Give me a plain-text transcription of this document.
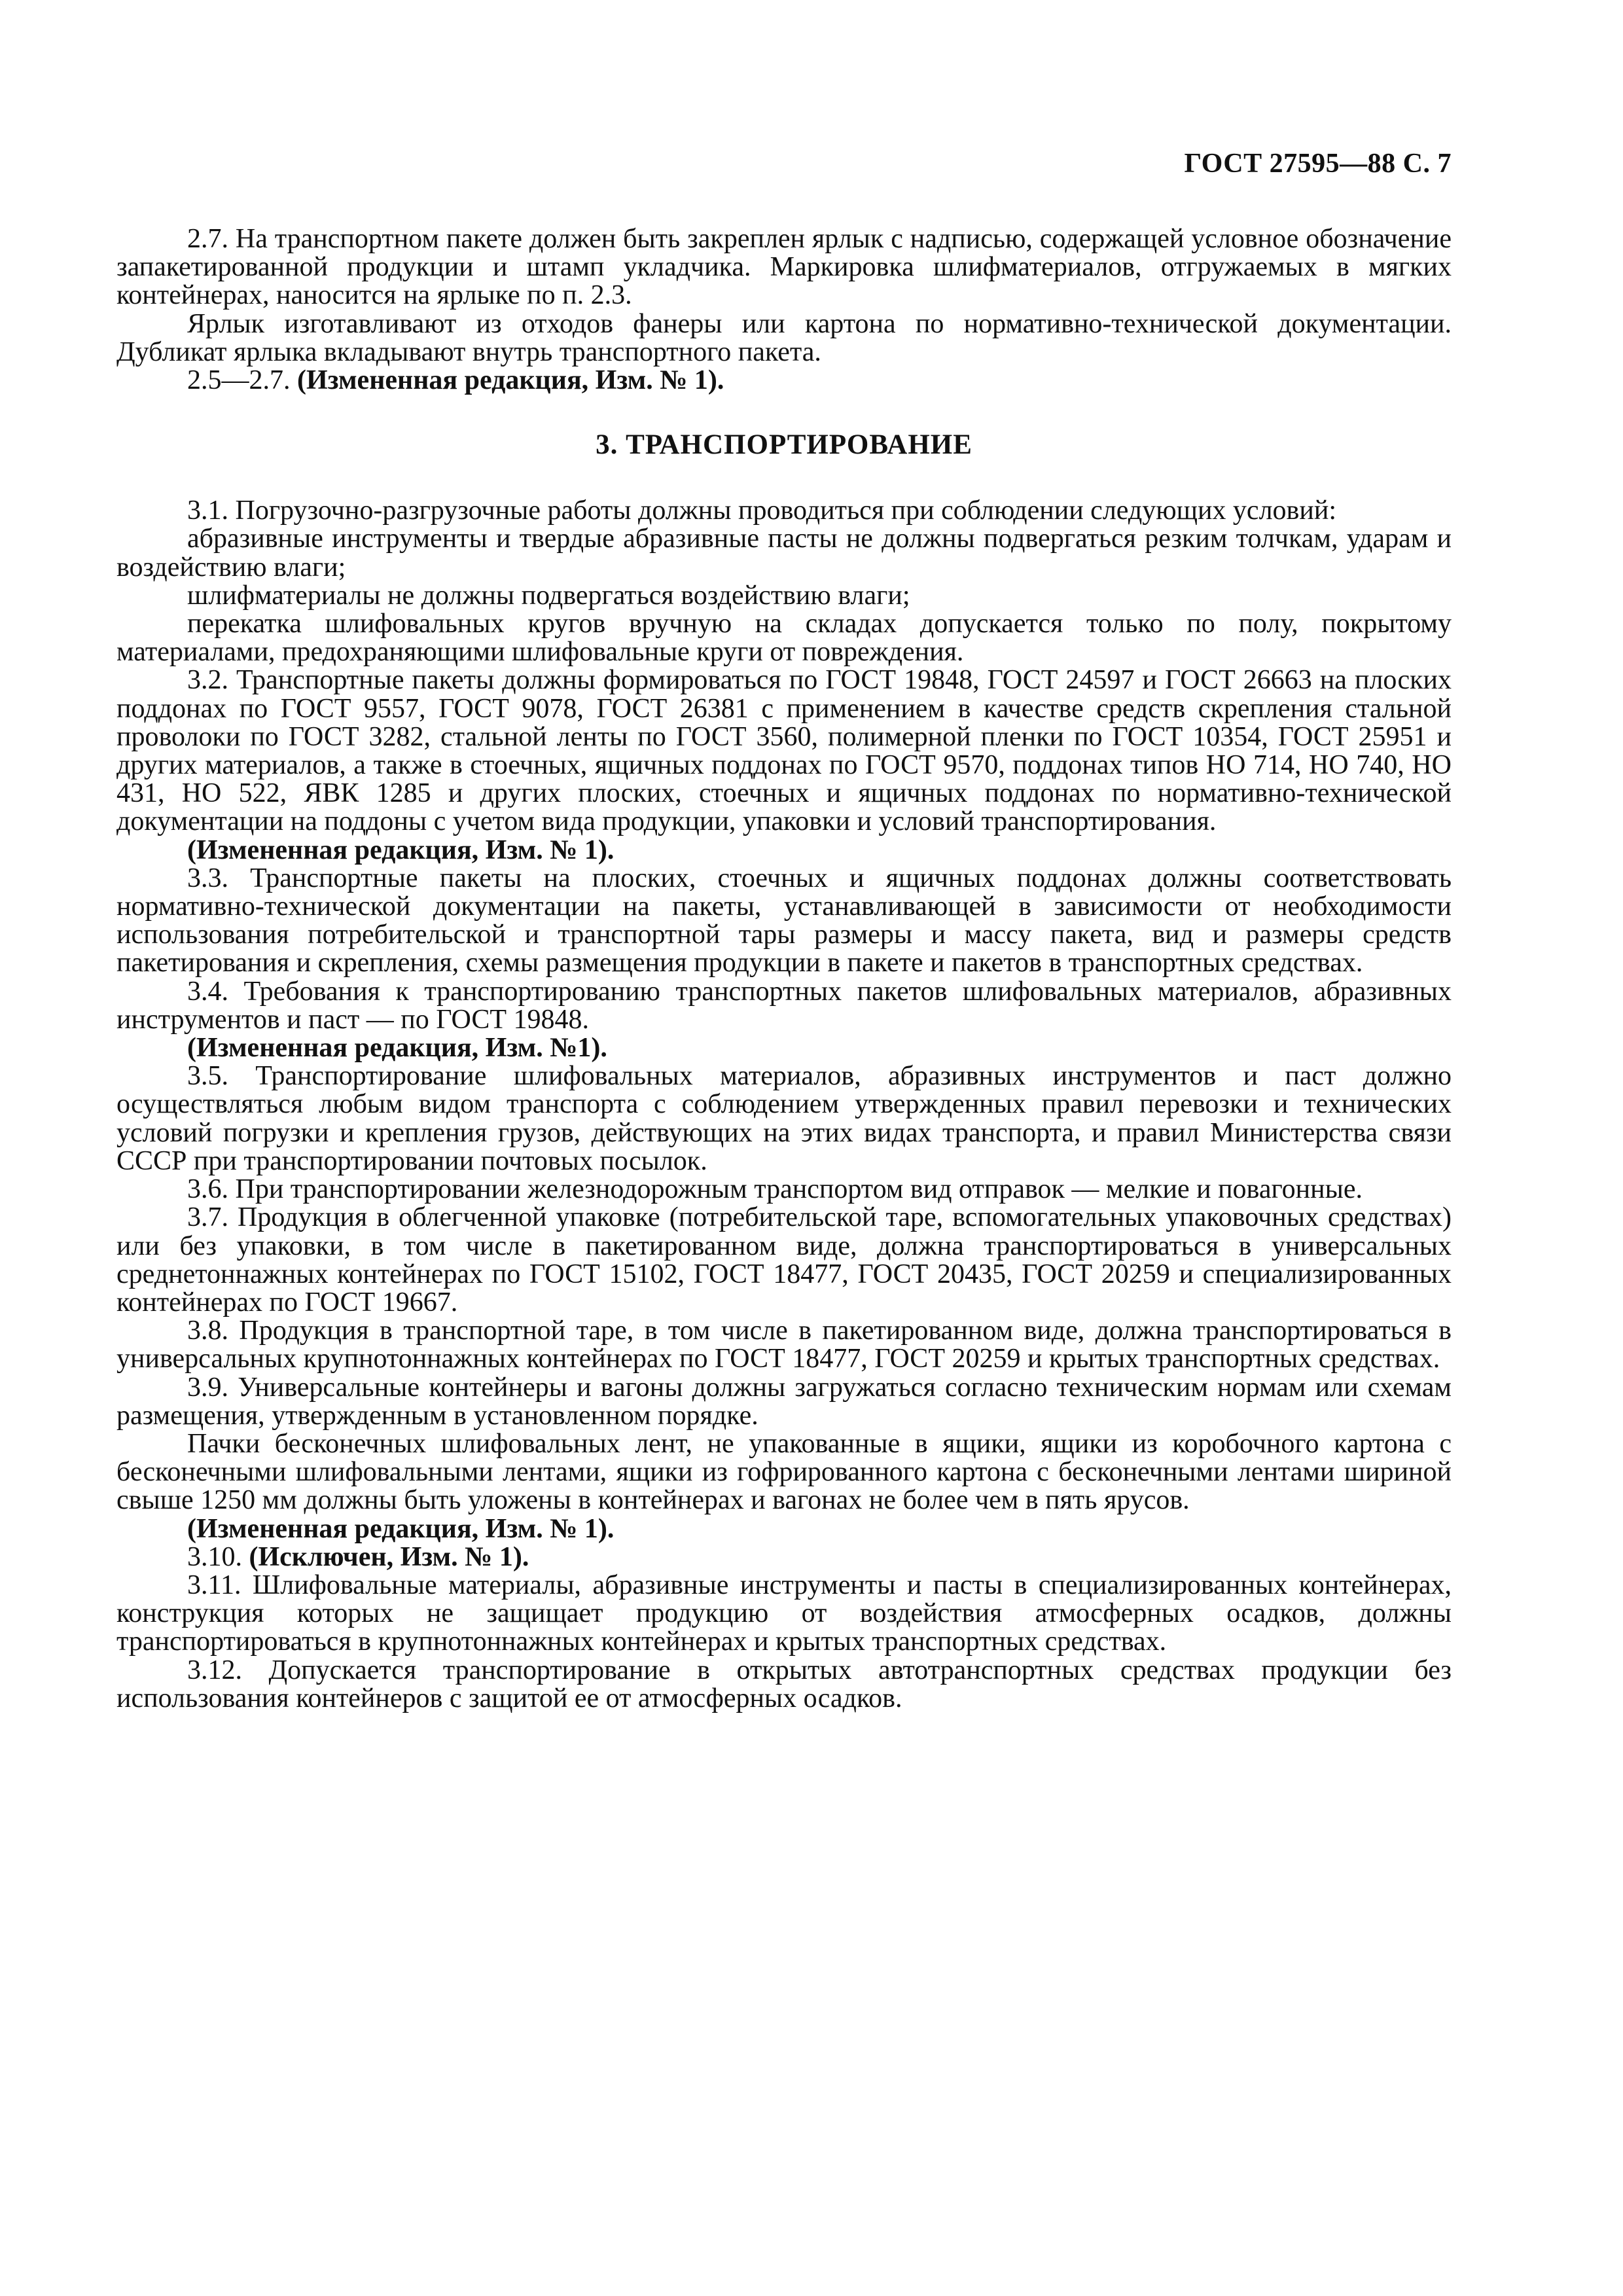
ГОСТ 27595—88 С. 7

2.7. На транспортном пакете должен быть закреплен ярлык с надписью, содержащей условное обозначение запакетированной продукции и штамп укладчика. Маркировка шлифматериалов, отгружаемых в мягких контейнерах, наносится на ярлыке по п. 2.3.

Ярлык изготавливают из отходов фанеры или картона по нормативно-технической документации. Дубликат ярлыка вкладывают внутрь транспортного пакета.

2.5—2.7. (Измененная редакция, Изм. № 1).

3. ТРАНСПОРТИРОВАНИЕ

3.1. Погрузочно-разгрузочные работы должны проводиться при соблюдении следующих условий:

абразивные инструменты и твердые абразивные пасты не должны подвергаться резким толчкам, ударам и воздействию влаги;

шлифматериалы не должны подвергаться воздействию влаги;

перекатка шлифовальных кругов вручную на складах допускается только по полу, покрытому материалами, предохраняющими шлифовальные круги от повреждения.

3.2. Транспортные пакеты должны формироваться по ГОСТ 19848, ГОСТ 24597 и ГОСТ 26663 на плоских поддонах по ГОСТ 9557, ГОСТ 9078, ГОСТ 26381 с применением в качестве средств скрепления стальной проволоки по ГОСТ 3282, стальной ленты по ГОСТ 3560, полимерной пленки по ГОСТ 10354, ГОСТ 25951 и других материалов, а также в стоечных, ящичных поддонах по ГОСТ 9570, поддонах типов НО 714, НО 740, НО 431, НО 522, ЯВК 1285 и других плоских, стоечных и ящичных поддонах по нормативно-технической документации на поддоны с учетом вида продукции, упаковки и условий транспортирования.

(Измененная редакция, Изм. № 1).

3.3. Транспортные пакеты на плоских, стоечных и ящичных поддонах должны соответствовать нормативно-технической документации на пакеты, устанавливающей в зависимости от необходимости использования потребительской и транспортной тары размеры и массу пакета, вид и размеры средств пакетирования и скрепления, схемы размещения продукции в пакете и пакетов в транспортных средствах.

3.4. Требования к транспортированию транспортных пакетов шлифовальных материалов, абразивных инструментов и паст — по ГОСТ 19848.

(Измененная редакция, Изм. №1).

3.5. Транспортирование шлифовальных материалов, абразивных инструментов и паст должно осуществляться любым видом транспорта с соблюдением утвержденных правил перевозки и технических условий погрузки и крепления грузов, действующих на этих видах транспорта, и правил Министерства связи СССР при транспортировании почтовых посылок.

3.6. При транспортировании железнодорожным транспортом вид отправок — мелкие и повагонные.

3.7. Продукция в облегченной упаковке (потребительской таре, вспомогательных упаковочных средствах) или без упаковки, в том числе в пакетированном виде, должна транспортироваться в универсальных среднетоннажных контейнерах по ГОСТ 15102, ГОСТ 18477, ГОСТ 20435, ГОСТ 20259 и специализированных контейнерах по ГОСТ 19667.

3.8. Продукция в транспортной таре, в том числе в пакетированном виде, должна транспортироваться в универсальных крупнотоннажных контейнерах по ГОСТ 18477, ГОСТ 20259 и крытых транспортных средствах.

3.9. Универсальные контейнеры и вагоны должны загружаться согласно техническим нормам или схемам размещения, утвержденным в установленном порядке.

Пачки бесконечных шлифовальных лент, не упакованные в ящики, ящики из коробочного картона с бесконечными шлифовальными лентами, ящики из гофрированного картона с бесконечными лентами шириной свыше 1250 мм должны быть уложены в контейнерах и вагонах не более чем в пять ярусов.

(Измененная редакция, Изм. № 1).

3.10. (Исключен, Изм. № 1).

3.11. Шлифовальные материалы, абразивные инструменты и пасты в специализированных контейнерах, конструкция которых не защищает продукцию от воздействия атмосферных осадков, должны транспортироваться в крупнотоннажных контейнерах и крытых транспортных средствах.

3.12. Допускается транспортирование в открытых автотранспортных средствах продукции без использования контейнеров с защитой ее от атмосферных осадков.
